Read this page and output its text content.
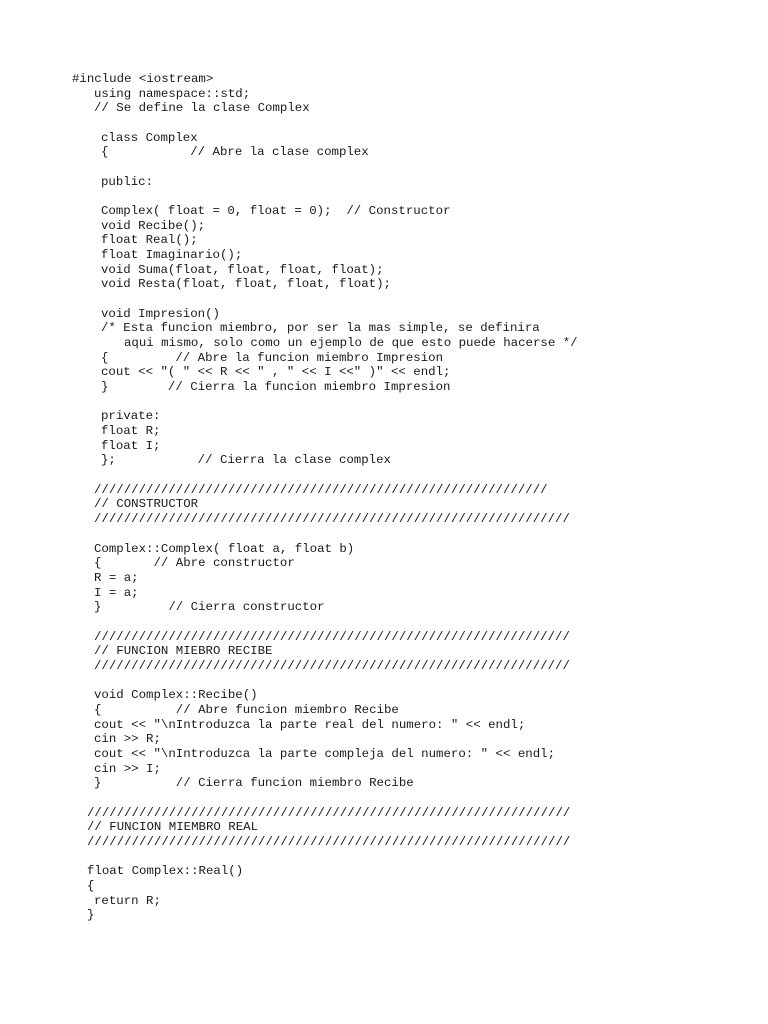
#include <iostream>
using namespace::std;
// Se define la clase Complex
class Complex
{           // Abre la clase complex
public:
Complex( float = 0, float = 0);  // Constructor
void Recibe();
float Real();
float Imaginario();
void Suma(float, float, float, float);
void Resta(float, float, float, float);
void Impresion()
/* Esta funcion miembro, por ser la mas simple, se definira
aqui mismo, solo como un ejemplo de que esto puede hacerse */
{         // Abre la funcion miembro Impresion
cout << "( " << R << " , " << I <<" )" << endl;
}        // Cierra la funcion miembro Impresion
private:
float R;
float I;
};           // Cierra la clase complex
/////////////////////////////////////////////////////////////
// CONSTRUCTOR
////////////////////////////////////////////////////////////////
Complex::Complex( float a, float b)
{       // Abre constructor
R = a;
I = a;
}         // Cierra constructor
////////////////////////////////////////////////////////////////
// FUNCION MIEBRO RECIBE
////////////////////////////////////////////////////////////////
void Complex::Recibe()
{          // Abre funcion miembro Recibe
cout << "\nIntroduzca la parte real del numero: " << endl;
cin >> R;
cout << "\nIntroduzca la parte compleja del numero: " << endl;
cin >> I;
}          // Cierra funcion miembro Recibe
/////////////////////////////////////////////////////////////////
// FUNCION MIEMBRO REAL
/////////////////////////////////////////////////////////////////
float Complex::Real()
{
return R;
}
